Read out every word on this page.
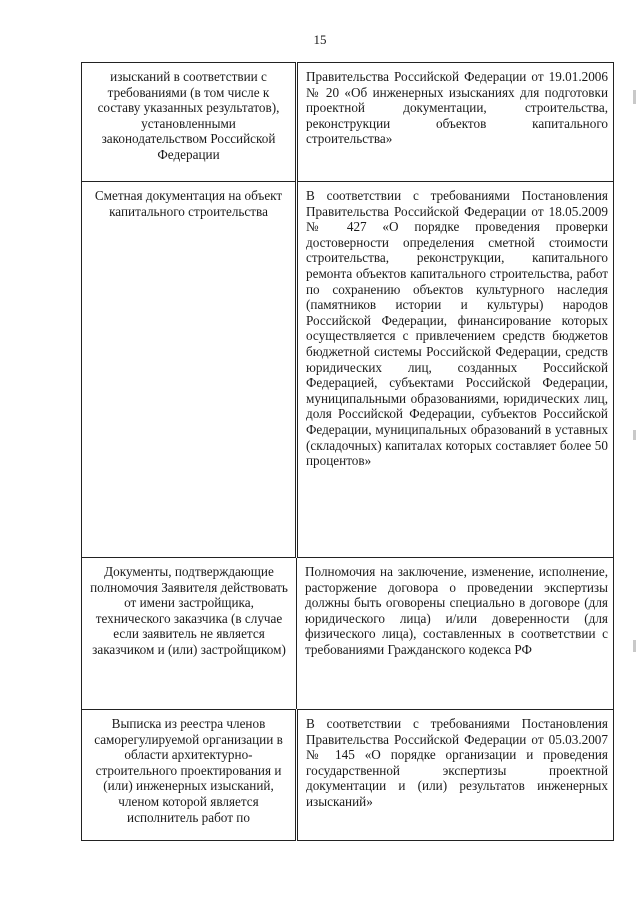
15
изысканий в соответствии с требованиями (в том числе к составу указанных результатов), установленными законодательством Российской Федерации	Правительства Российской Федерации от 19.01.2006 № 20 «Об инженерных изысканиях для подготовки проектной документации, строительства, реконструкции объектов капитального строительства»
Сметная документация на объект капитального строительства	В соответствии с требованиями Постановления Правительства Российской Федерации от 18.05.2009 № 427 «О порядке проведения проверки достоверности определения сметной стоимости строительства, реконструкции, капитального ремонта объектов капитального строительства, работ по сохранению объектов культурного наследия (памятников истории и культуры) народов Российской Федерации, финансирование которых осуществляется с привлечением средств бюджетов бюджетной системы Российской Федерации, средств юридических лиц, созданных Российской Федерацией, субъектами Российской Федерации, муниципальными образованиями, юридических лиц, доля Российской Федерации, субъектов Российской Федерации, муниципальных образований в уставных (складочных) капиталах которых составляет более 50 процентов»
Документы, подтверждающие полномочия Заявителя действовать от имени застройщика, технического заказчика (в случае если заявитель не является заказчиком и (или) застройщиком)	Полномочия на заключение, изменение, исполнение, расторжение договора о проведении экспертизы должны быть оговорены специально в договоре (для юридического лица) и/или доверенности (для физического лица), составленных в соответствии с требованиями Гражданского кодекса РФ
Выписка из реестра членов саморегулируемой организации в области архитектурно-строительного проектирования и (или) инженерных изысканий, членом которой является исполнитель работ по	В соответствии с требованиями Постановления Правительства Российской Федерации от 05.03.2007 № 145 «О порядке организации и проведения государственной экспертизы проектной документации и (или) результатов инженерных изысканий»
